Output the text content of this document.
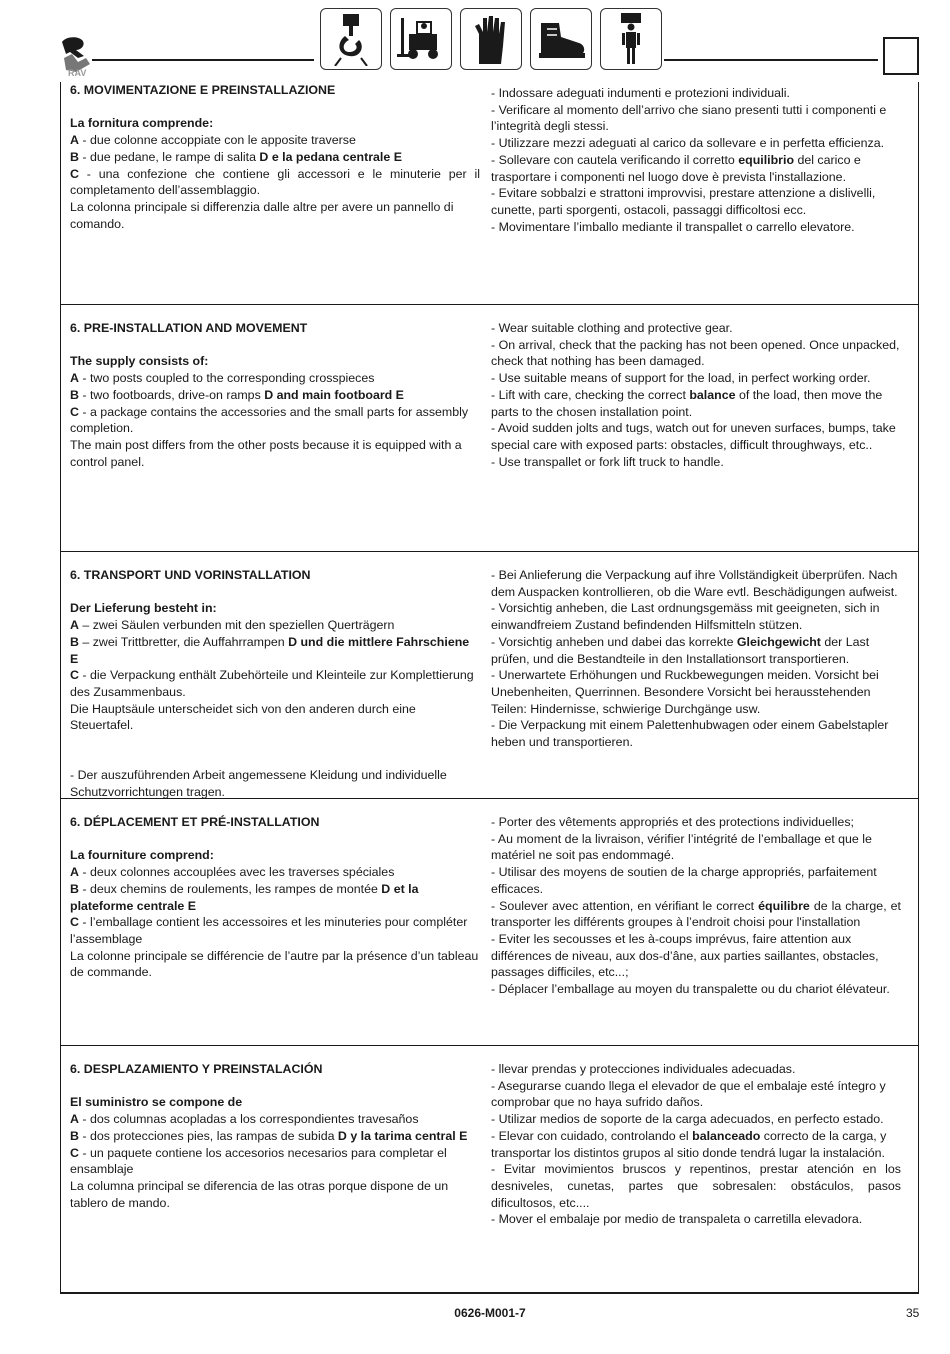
RAV

6. MOVIMENTAZIONE E PREINSTALLAZIONE

La fornitura comprende:

A - due colonne accoppiate con le apposite traverse

B - due pedane, le rampe di salita D e la pedana centrale E

C - una confezione che contiene gli accessori e le minuterie per il completamento dell’assemblaggio.

La colonna principale si differenzia dalle altre per avere un pannello di comando.

- Indossare adeguati indumenti e protezioni individuali.

- Verificare al momento dell’arrivo che siano presenti tutti i componenti e l’integrità degli stessi.

- Utilizzare mezzi adeguati al carico da sollevare e in perfetta efficienza.

- Sollevare con cautela verificando il corretto equilibrio del carico e trasportare i componenti nel luogo dove è prevista l'installazione.

- Evitare sobbalzi e strattoni improvvisi, prestare attenzione a dislivelli, cunette, parti sporgenti, ostacoli, passaggi difficoltosi ecc.

- Movimentare l’imballo mediante il transpallet o carrello elevatore.

6. PRE-INSTALLATION AND MOVEMENT

The supply consists of:

A - two posts coupled to the corresponding crosspieces

B - two footboards, drive-on ramps D and main footboard E

C - a package contains the accessories and the small parts for assembly completion.

The main post differs from the other posts because it is equipped with a control panel.

- Wear suitable clothing and protective gear.

- On arrival, check that the packing has not been opened. Once unpacked, check that nothing has been damaged.

- Use suitable means of support for the load, in perfect working order.

- Lift with care, checking the correct balance of the load, then move the parts to the chosen installation point.

- Avoid sudden jolts and tugs, watch out for uneven surfaces, bumps, take special care with exposed parts: obstacles, difficult throughways, etc..

- Use transpallet or fork lift truck to handle.

6. TRANSPORT UND VORINSTALLATION

Der Lieferung besteht in:

A – zwei Säulen verbunden mit den speziellen Querträgern

B – zwei Trittbretter, die Auffahrrampen D und die mittlere Fahrschiene E

C - die Verpackung enthält Zubehörteile und Kleinteile zur Komplettierung des Zusammenbaus.

Die Hauptsäule unterscheidet sich von den anderen durch eine Steuertafel.

- Der auszuführenden Arbeit angemessene Kleidung und individuelle Schutzvorrichtungen tragen.

- Bei Anlieferung die Verpackung auf ihre Vollständigkeit überprüfen. Nach dem Auspacken kontrollieren, ob die Ware evtl. Beschädigungen aufweist.

- Vorsichtig anheben, die Last ordnungsgemäss mit geeigneten, sich in einwandfreiem Zustand befindenden Hilfsmitteln stützen.

- Vorsichtig anheben und dabei das korrekte Gleichgewicht der Last prüfen, und die Bestandteile in den Installationsort transportieren.

- Unerwartete Erhöhungen und Ruckbewegungen meiden. Vorsicht bei Unebenheiten, Querrinnen. Besondere Vorsicht bei herausstehenden Teilen: Hindernisse, schwierige Durchgänge usw.

- Die Verpackung mit einem Palettenhubwagen oder einem Gabelstapler heben und transportieren.

6. DÉPLACEMENT ET PRÉ-INSTALLATION

La fourniture comprend:

A - deux colonnes accouplées avec les traverses spéciales

B - deux chemins de roulements, les rampes de montée D et la plateforme centrale E

C - l’emballage contient les accessoires et les minuteries pour compléter l’assemblage

La colonne principale se différencie de l’autre par la présence d’un tableau de commande.

- Porter des vêtements appropriés et des protections individuelles;

- Au moment de la livraison, vérifier l’intégrité de l’emballage et que le matériel ne soit pas endommagé.

- Utilisar des moyens de soutien de la charge appropriés, parfaitement efficaces.

- Soulever avec attention, en vérifiant le correct équilibre de la charge, et transporter les différents groupes à l’endroit choisi pour l'installation

- Eviter les secousses et les à-coups imprévus, faire attention aux différences de niveau, aux dos-d’âne, aux parties saillantes, obstacles, passages difficiles, etc...;

- Déplacer l’emballage au moyen du transpalette ou du chariot élévateur.

6. DESPLAZAMIENTO Y PREINSTALACIÓN

El suministro se compone de

A - dos columnas acopladas a los correspondientes travesaños

B - dos protecciones pies, las rampas de subida D y la tarima central E

C - un paquete contiene los accesorios necesarios para completar el ensamblaje

La columna principal se diferencia de las otras porque dispone de un tablero de mando.

- llevar prendas y protecciones individuales adecuadas.

- Asegurarse cuando llega el elevador de que el embalaje esté íntegro y comprobar que no haya sufrido daños.

- Utilizar medios de soporte de la carga adecuados, en perfecto estado.

- Elevar con cuidado, controlando el balanceado correcto de la carga, y transportar los distintos grupos al sitio donde tendrá lugar la instalación.

- Evitar movimientos bruscos y repentinos, prestar atención en los desniveles, cunetas, partes que sobresalen: obstáculos, pasos dificultosos, etc....

- Mover el embalaje por medio de transpaleta o carretilla elevadora.

0626-M001-7	35
